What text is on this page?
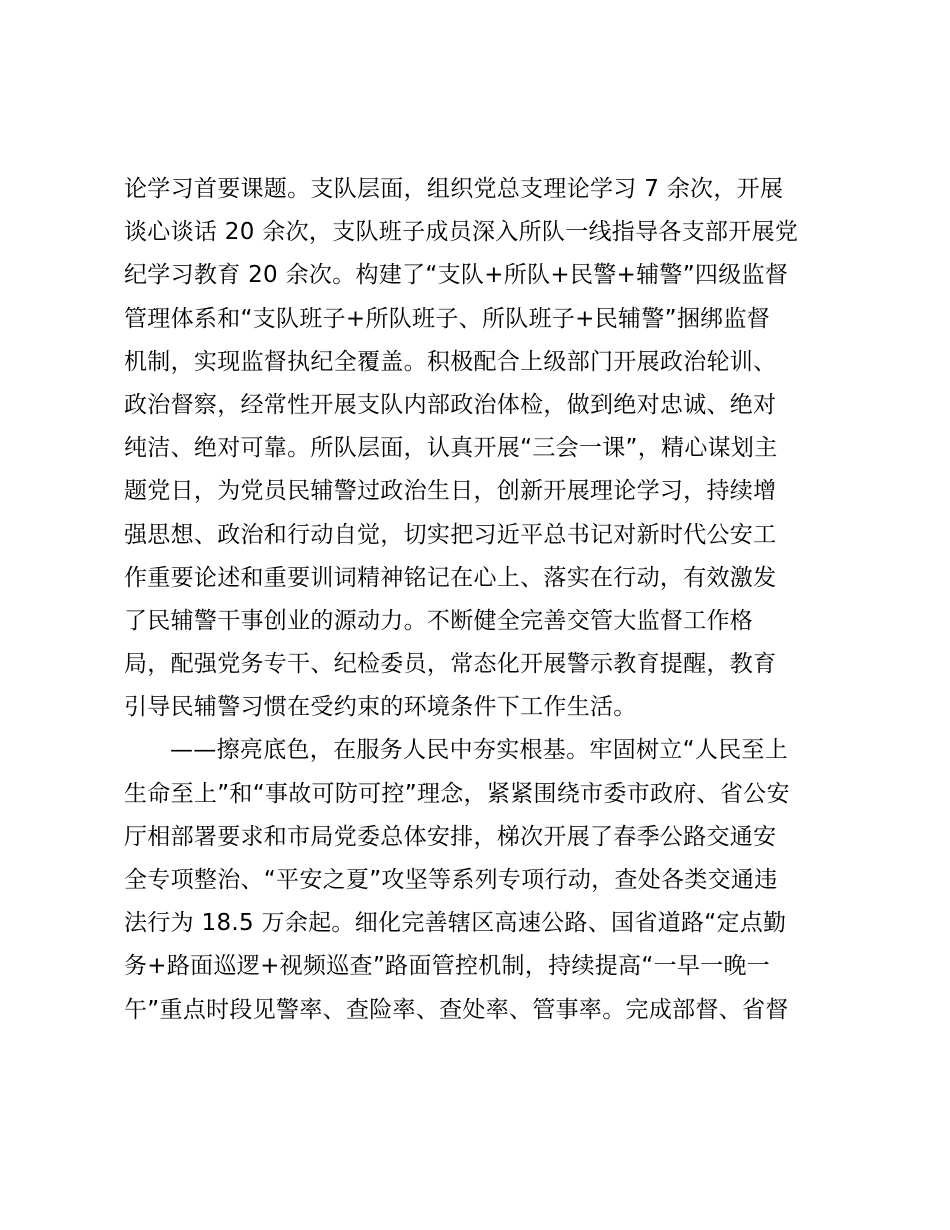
论学习首要课题。支队层面，组织党总支理论学习 7 余次，开展
谈心谈话 20 余次，支队班子成员深入所队一线指导各支部开展党
纪学习教育 20 余次。构建了“支队+所队+民警+辅警”四级监督
管理体系和“支队班子+所队班子、所队班子+民辅警”捆绑监督
机制，实现监督执纪全覆盖。积极配合上级部门开展政治轮训、
政治督察，经常性开展支队内部政治体检，做到绝对忠诚、绝对
纯洁、绝对可靠。所队层面，认真开展“三会一课”，精心谋划主
题党日，为党员民辅警过政治生日，创新开展理论学习，持续增
强思想、政治和行动自觉，切实把习近平总书记对新时代公安工
作重要论述和重要训词精神铭记在心上、落实在行动，有效激发
了民辅警干事创业的源动力。不断健全完善交管大监督工作格
局，配强党务专干、纪检委员，常态化开展警示教育提醒，教育
引导民辅警习惯在受约束的环境条件下工作生活。
——擦亮底色，在服务人民中夯实根基。牢固树立“人民至上
生命至上”和“事故可防可控”理念，紧紧围绕市委市政府、省公安
厅相部署要求和市局党委总体安排，梯次开展了春季公路交通安
全专项整治、“平安之夏”攻坚等系列专项行动，查处各类交通违
法行为 18.5 万余起。细化完善辖区高速公路、国省道路“定点勤
务+路面巡逻+视频巡查”路面管控机制，持续提高“一早一晚一
午”重点时段见警率、查险率、查处率、管事率。完成部督、省督
